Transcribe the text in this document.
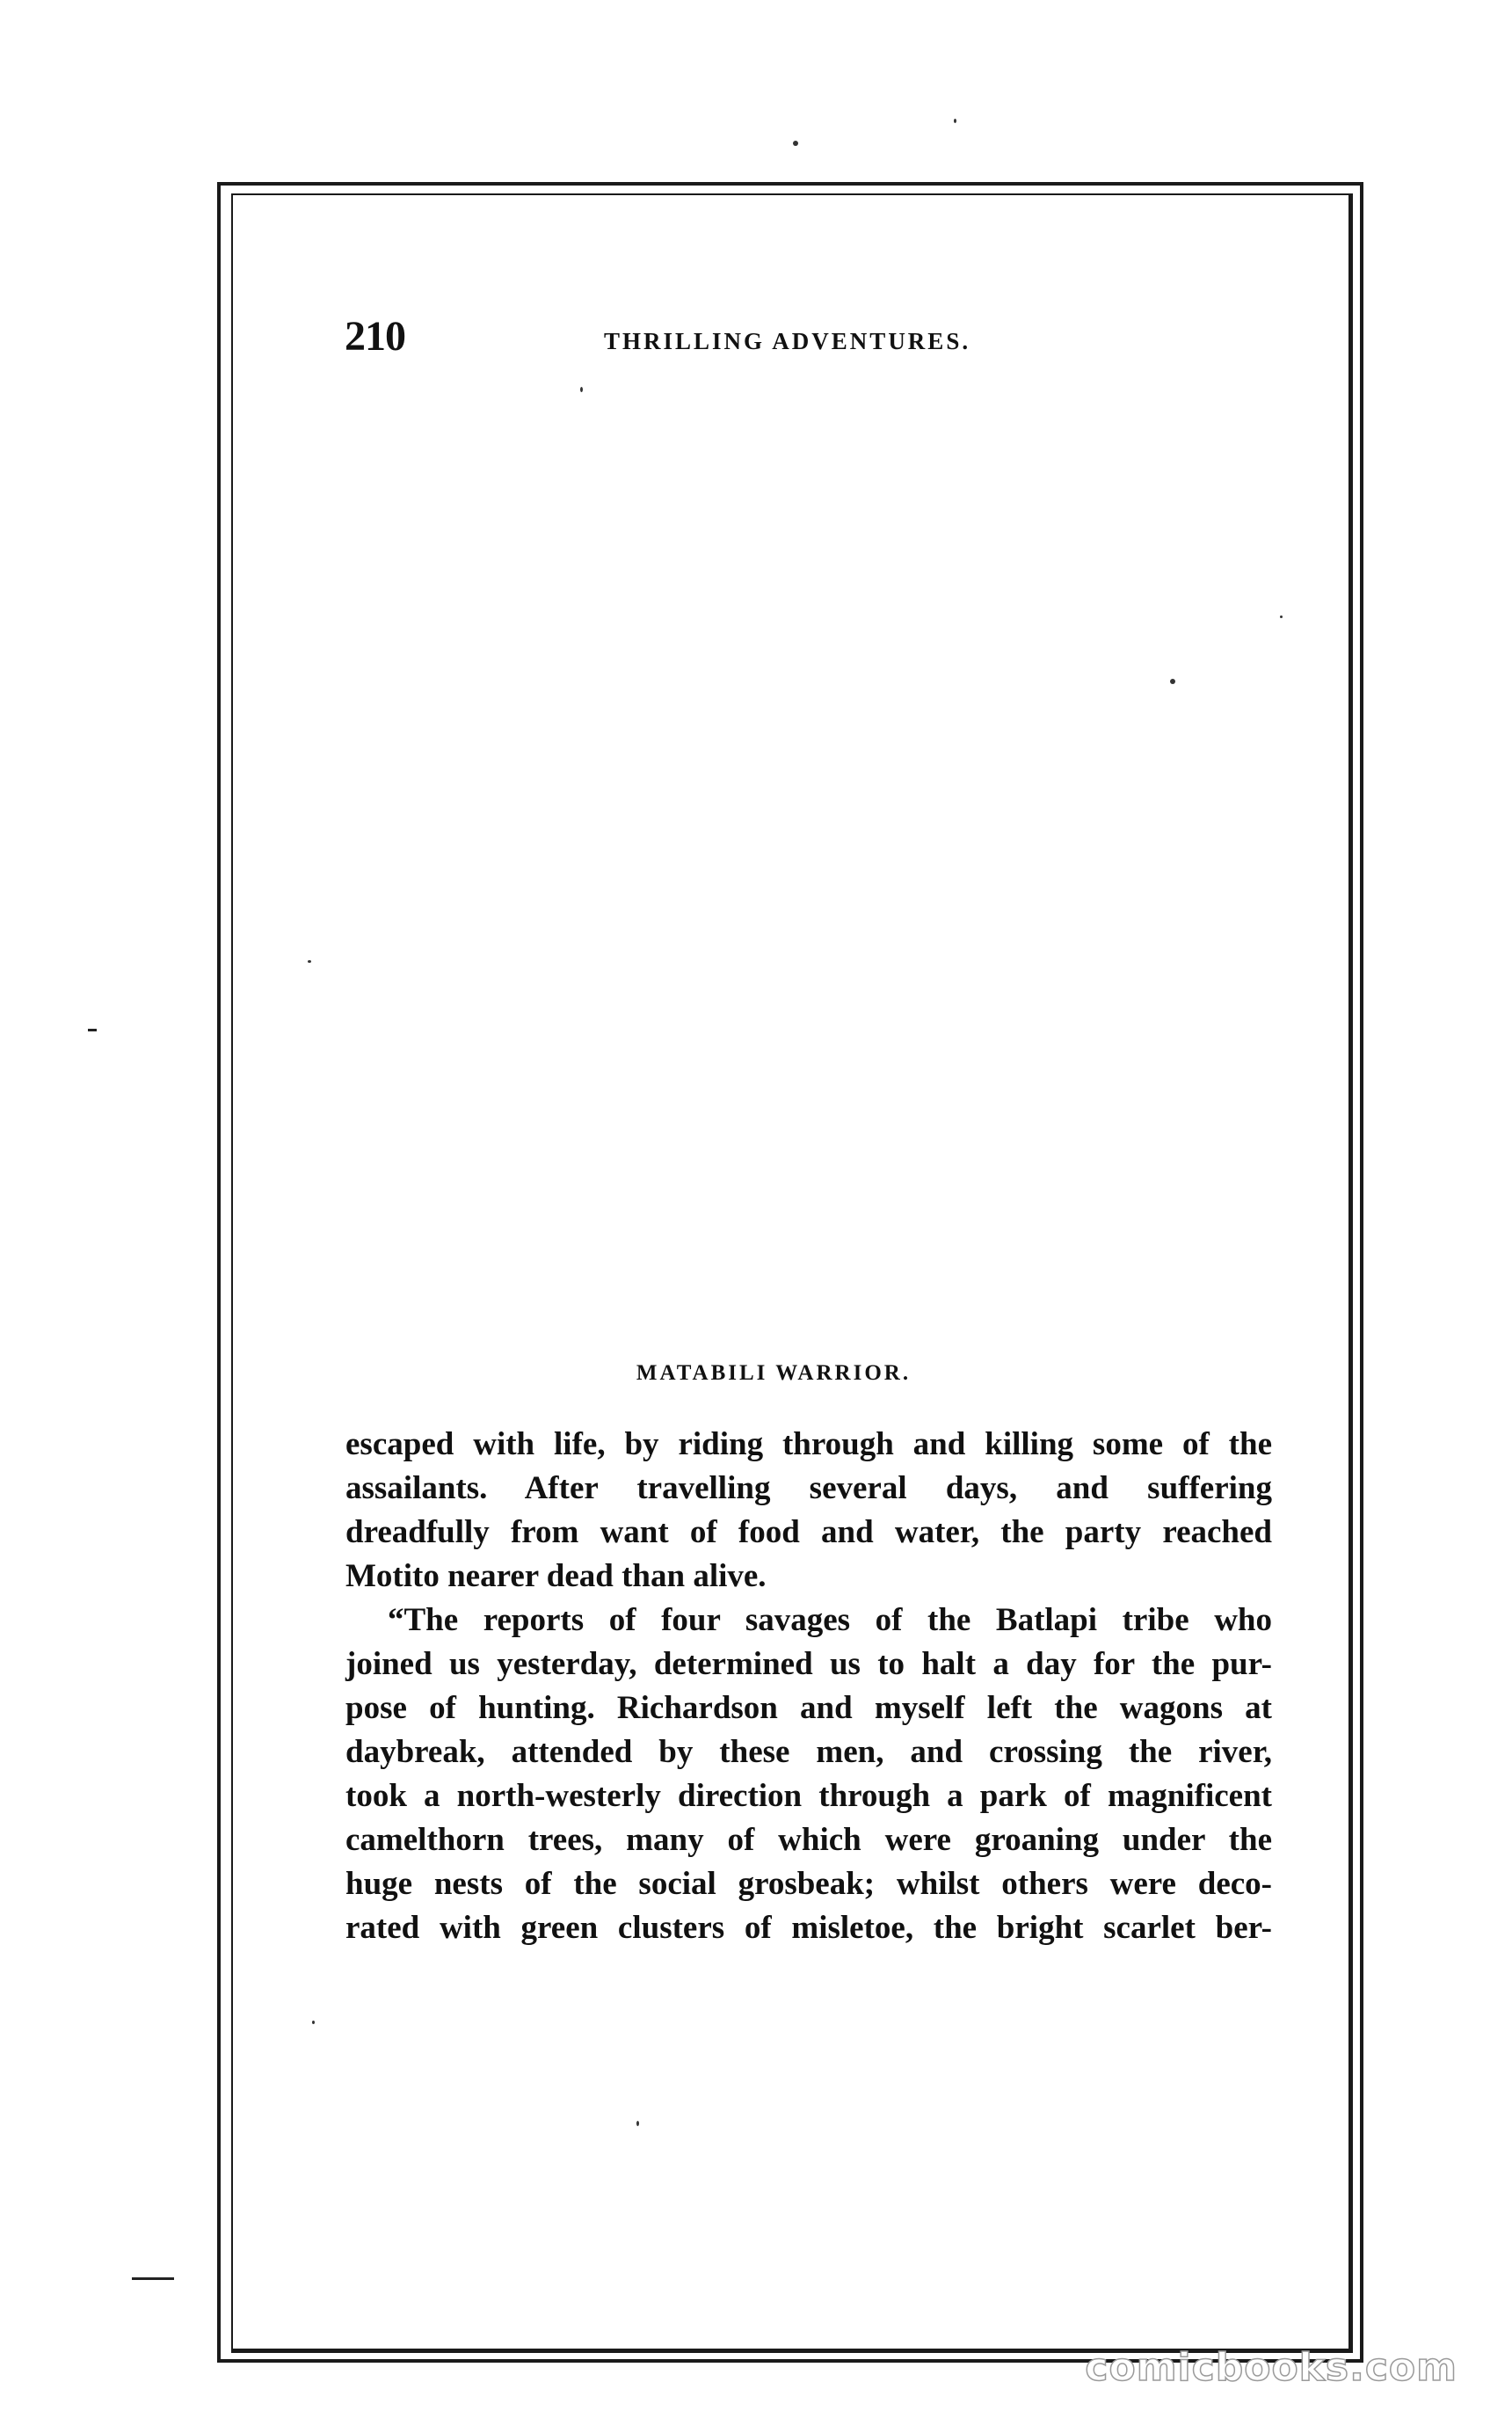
210	THRILLING ADVENTURES.
MATABILI WARRIOR.
escaped with life, by riding through and killing some of the
assailants. After travelling several days, and suffering
dreadfully from want of food and water, the party reached
Motito nearer dead than alive.
“The reports of four savages of the Batlapi tribe who
joined us yesterday, determined us to halt a day for the pur-
pose of hunting. Richardson and myself left the wagons at
daybreak, attended by these men, and crossing the river,
took a north-westerly direction through a park of magnificent
camelthorn trees, many of which were groaning under the
huge nests of the social grosbeak; whilst others were deco-
rated with green clusters of misletoe, the bright scarlet ber-
comicbooks.com
